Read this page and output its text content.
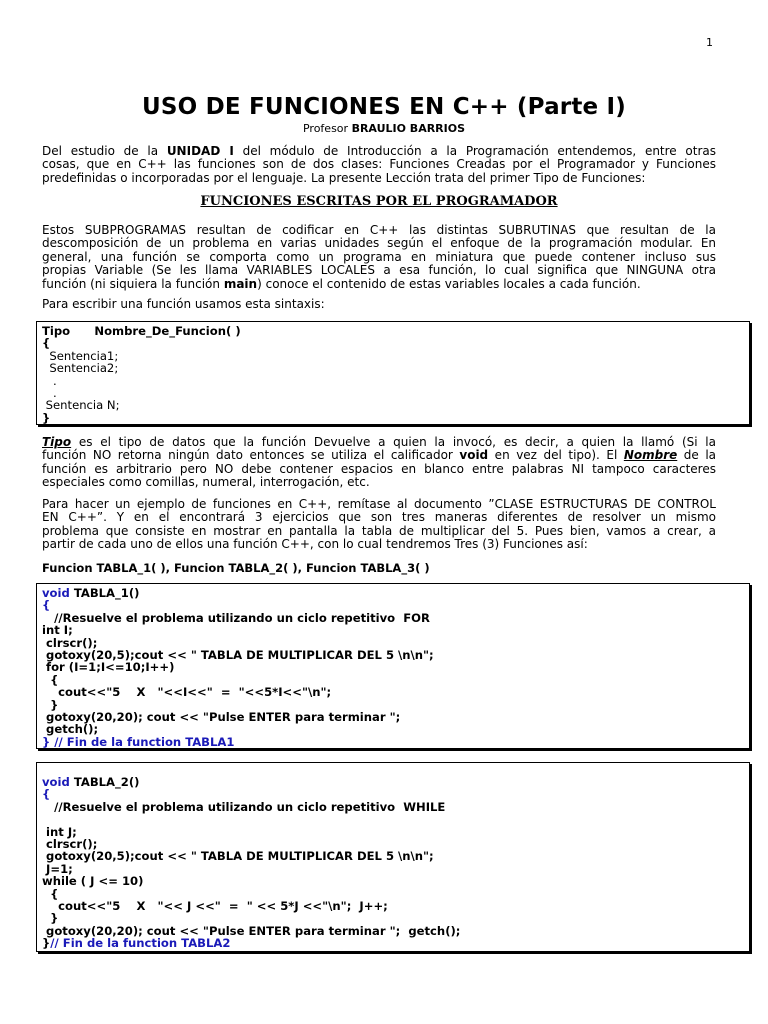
1
USO DE FUNCIONES EN C++ (Parte I)
Profesor BRAULIO BARRIOS
Del estudio de la UNIDAD I del módulo de Introducción a la Programación entendemos, entre otras
cosas, que en C++ las funciones son de dos clases: Funciones Creadas por el Programador y Funciones
predefinidas o incorporadas por el lenguaje. La presente Lección trata del primer Tipo de Funciones:
FUNCIONES ESCRITAS POR EL PROGRAMADOR
Estos SUBPROGRAMAS resultan de codificar en C++ las distintas SUBRUTINAS que resultan de la
descomposición de un problema en varias unidades según el enfoque de la programación modular. En
general, una función se comporta como un programa en miniatura que puede contener incluso sus
propias Variable (Se les llama VARIABLES LOCALES a esa función, lo cual significa que NINGUNA otra
función (ni siquiera la función main) conoce el contenido de estas variables locales a cada función.
Para escribir una función usamos esta sintaxis:
Tipo      Nombre_De_Funcion( )
{
Sentencia1;
Sentencia2;
.
.
Sentencia N;
}
Tipo es el tipo de datos que la función Devuelve a quien la invocó, es decir, a quien la llamó (Si la
función NO retorna ningún dato entonces se utiliza el calificador void en vez del tipo). El Nombre de la
función es arbitrario pero NO debe contener espacios en blanco entre palabras NI tampoco caracteres
especiales como comillas, numeral, interrogación, etc.
Para hacer un ejemplo de funciones en C++, remítase al documento ”CLASE ESTRUCTURAS DE CONTROL
EN C++”. Y en el encontrará 3 ejercicios que son tres maneras diferentes de resolver un mismo
problema que consiste en mostrar en pantalla la tabla de multiplicar del 5. Pues bien, vamos a crear, a
partir de cada uno de ellos una función C++, con lo cual tendremos Tres (3) Funciones así:
Funcion TABLA_1( ), Funcion TABLA_2( ), Funcion TABLA_3( )
void TABLA_1()
{
//Resuelve el problema utilizando un ciclo repetitivo  FOR
int I;
clrscr();
gotoxy(20,5);cout << " TABLA DE MULTIPLICAR DEL 5 \n\n";
for (I=1;I<=10;I++)
{
cout<<"5    X   "<<I<<"  =  "<<5*I<<"\n";
}
gotoxy(20,20); cout << "Pulse ENTER para terminar ";
getch();
} // Fin de la function TABLA1
void TABLA_2()
{
//Resuelve el problema utilizando un ciclo repetitivo  WHILE

int J;
clrscr();
gotoxy(20,5);cout << " TABLA DE MULTIPLICAR DEL 5 \n\n";
J=1;
while ( J <= 10)
{
cout<<"5    X   "<< J <<"  =  " << 5*J <<"\n";  J++;
}
gotoxy(20,20); cout << "Pulse ENTER para terminar ";  getch();
}// Fin de la function TABLA2
